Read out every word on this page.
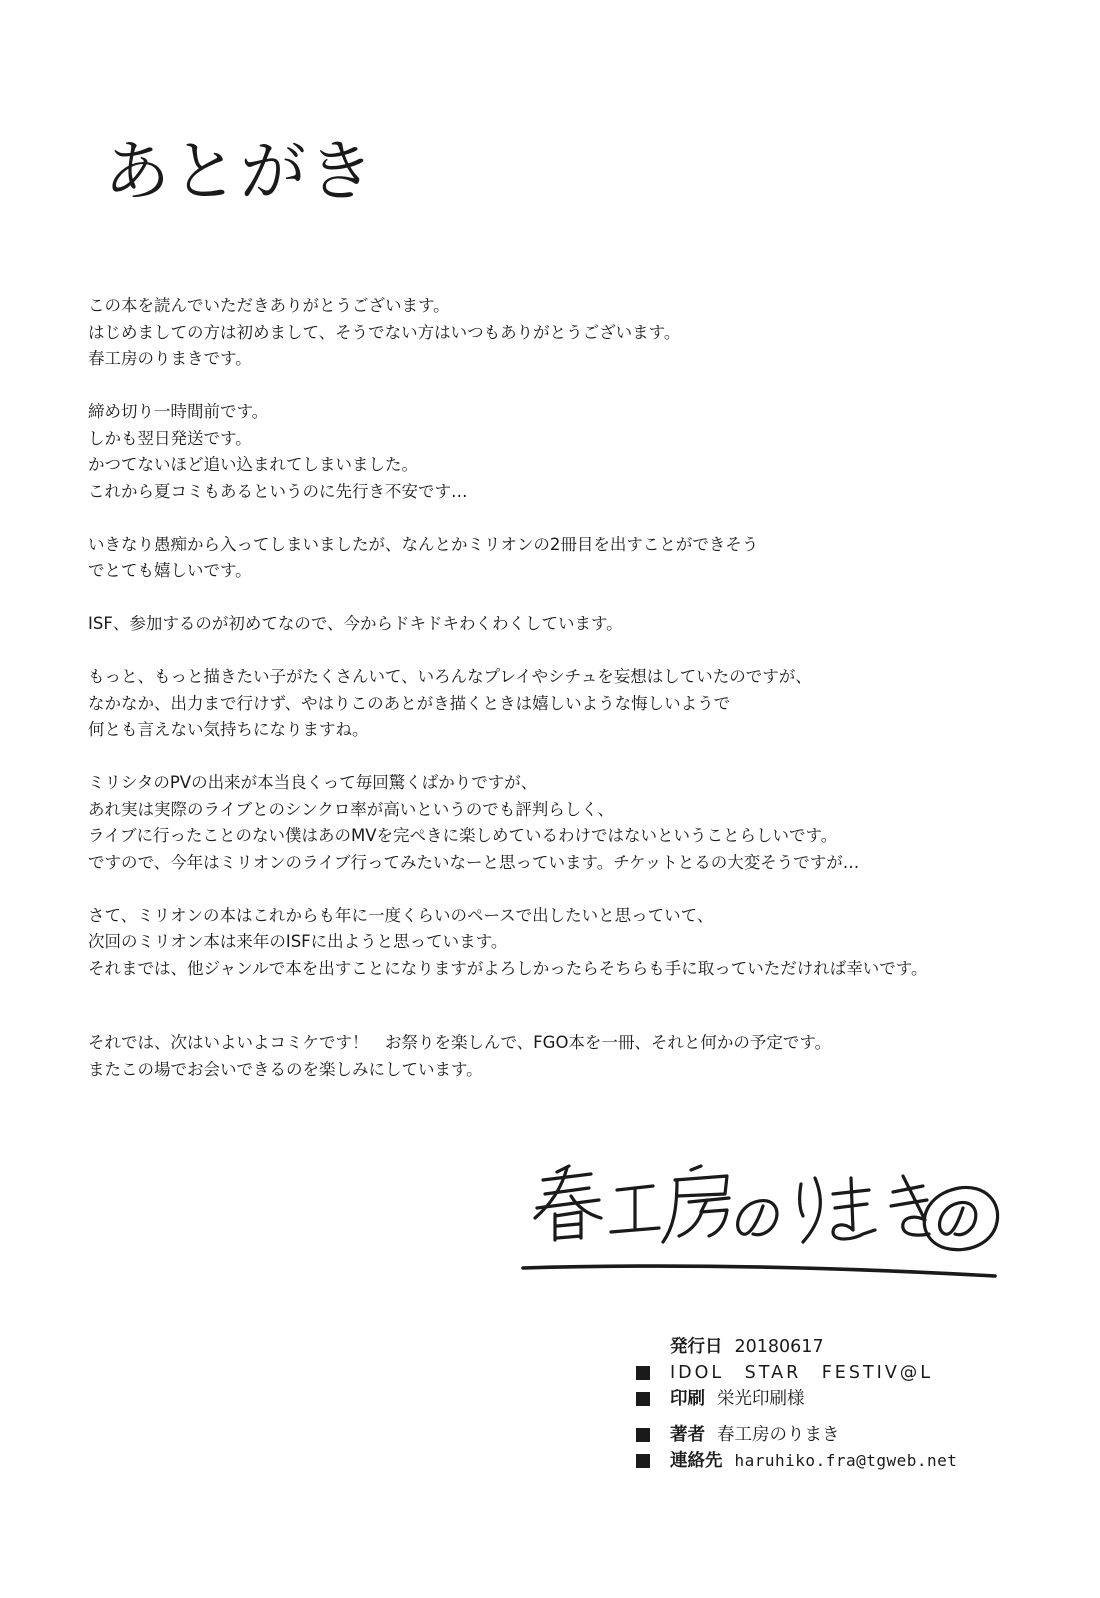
あとがき
この本を読んでいただきありがとうございます。
はじめましての方は初めまして、そうでない方はいつもありがとうございます。
春工房のりまきです。
締め切り一時間前です。
しかも翌日発送です。
かつてないほど追い込まれてしまいました。
これから夏コミもあるというのに先行き不安です…
いきなり愚痴から入ってしまいましたが、なんとかミリオンの2冊目を出すことができそう
でとても嬉しいです。
ISF、参加するのが初めてなので、今からドキドキわくわくしています。
もっと、もっと描きたい子がたくさんいて、いろんなプレイやシチュを妄想はしていたのですが、
なかなか、出力まで行けず、やはりこのあとがき描くときは嬉しいような悔しいようで
何とも言えない気持ちになりますね。
ミリシタのPVの出来が本当良くって毎回驚くばかりですが、
あれ実は実際のライブとのシンクロ率が高いというのでも評判らしく、
ライブに行ったことのない僕はあのMVを完ぺきに楽しめているわけではないということらしいです。
ですので、今年はミリオンのライブ行ってみたいなーと思っています。チケットとるの大変そうですが…
さて、ミリオンの本はこれからも年に一度くらいのペースで出したいと思っていて、
次回のミリオン本は来年のISFに出ようと思っています。
それまでは、他ジャンルで本を出すことになりますがよろしかったらそちらも手に取っていただければ幸いです。
それでは、次はいよいよコミケです！　お祭りを楽しんで、FGO本を一冊、それと何かの予定です。
またこの場でお会いできるのを楽しみにしています。
発行日 20180617
IDOL　STAR　FESTIV@L
印刷 栄光印刷様
著者 春工房のりまき
連絡先 haruhiko.fra@tgweb.net
